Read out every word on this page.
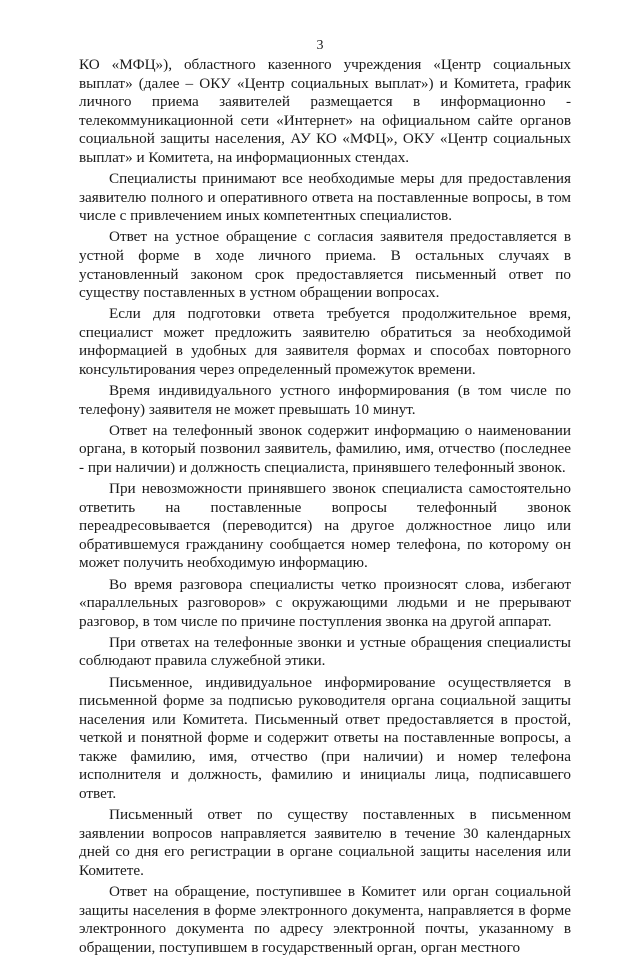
3

КО «МФЦ»), областного казенного учреждения «Центр социальных выплат» (далее – ОКУ «Центр социальных выплат») и Комитета, график личного приема заявителей размещается в информационно - телекоммуникационной сети «Интернет» на официальном сайте органов социальной защиты населения, АУ КО «МФЦ», ОКУ «Центр социальных выплат» и Комитета, на информационных стендах.

Специалисты принимают все необходимые меры для предоставления заявителю полного и оперативного ответа на поставленные вопросы, в том числе с привлечением иных компетентных специалистов.

Ответ на устное обращение с согласия заявителя предоставляется в устной форме в ходе личного приема. В остальных случаях в установленный законом срок предоставляется письменный ответ по существу поставленных в устном обращении вопросах.

Если для подготовки ответа требуется продолжительное время, специалист может предложить заявителю обратиться за необходимой информацией в удобных для заявителя формах и способах повторного консультирования через определенный промежуток времени.

Время индивидуального устного информирования (в том числе по телефону) заявителя не может превышать 10 минут.

Ответ на телефонный звонок содержит информацию о наименовании органа, в который позвонил заявитель, фамилию, имя, отчество (последнее - при наличии) и должность специалиста, принявшего телефонный звонок.

При невозможности принявшего звонок специалиста самостоятельно ответить на поставленные вопросы телефонный звонок переадресовывается (переводится) на другое должностное лицо или обратившемуся гражданину сообщается номер телефона, по которому он может получить необходимую информацию.

Во время разговора специалисты четко произносят слова, избегают «параллельных разговоров» с окружающими людьми и не прерывают разговор, в том числе по причине поступления звонка на другой аппарат.

При ответах на телефонные звонки и устные обращения специалисты соблюдают правила служебной этики.

Письменное, индивидуальное информирование осуществляется в письменной форме за подписью руководителя органа социальной защиты населения или Комитета. Письменный ответ предоставляется в простой, четкой и понятной форме и содержит ответы на поставленные вопросы, а также фамилию, имя, отчество (при наличии) и номер телефона исполнителя и должность, фамилию и инициалы лица, подписавшего ответ.

Письменный ответ по существу поставленных в письменном заявлении вопросов направляется заявителю в течение 30 календарных дней со дня его регистрации в органе социальной защиты населения или Комитете.

Ответ на обращение, поступившее в Комитет или орган социальной защиты населения в форме электронного документа, направляется в форме электронного документа по адресу электронной почты, указанному в обращении, поступившем в государственный орган, орган местного
